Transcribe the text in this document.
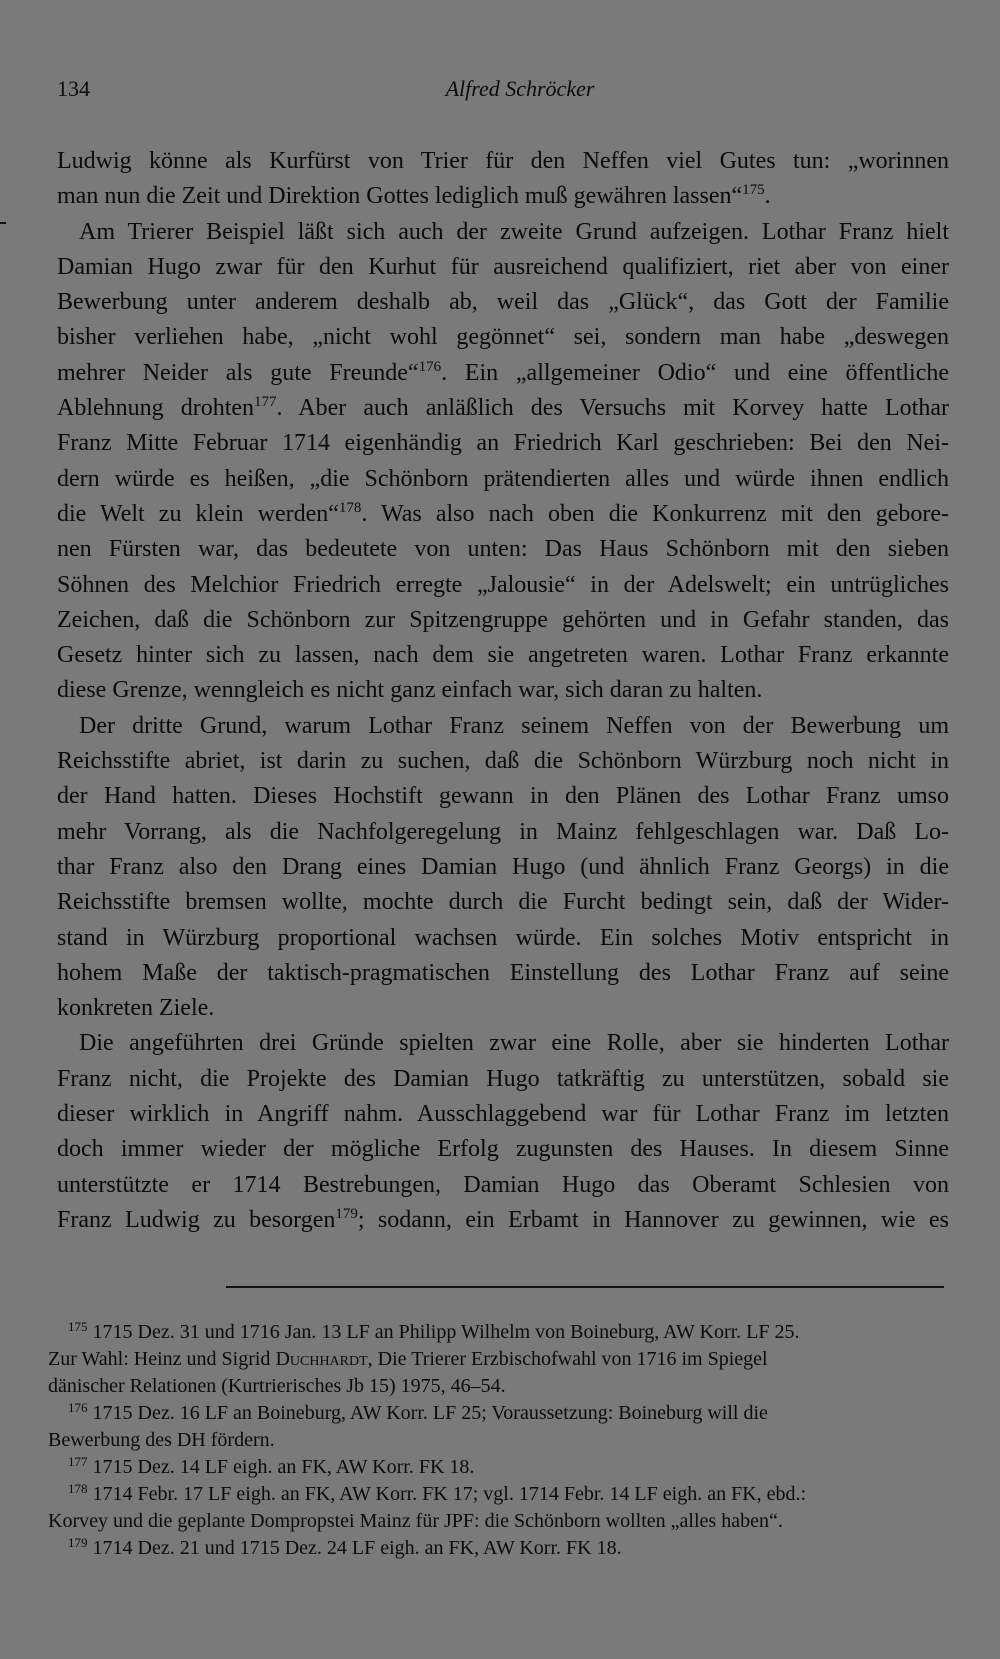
134	Alfred Schröcker
Ludwig könne als Kurfürst von Trier für den Neffen viel Gutes tun: „worinnen
man nun die Zeit und Direktion Gottes lediglich muß gewähren lassen“$^{175}$.
Am Trierer Beispiel läßt sich auch der zweite Grund aufzeigen. Lothar Franz hielt
Damian Hugo zwar für den Kurhut für ausreichend qualifiziert, riet aber von einer
Bewerbung unter anderem deshalb ab, weil das „Glück“, das Gott der Familie
bisher verliehen habe, „nicht wohl gegönnet“ sei, sondern man habe „deswegen
mehrer Neider als gute Freunde“$^{176}$. Ein „allgemeiner Odio“ und eine öffentliche
Ablehnung drohten$^{177}$. Aber auch anläßlich des Versuchs mit Korvey hatte Lothar
Franz Mitte Februar 1714 eigenhändig an Friedrich Karl geschrieben: Bei den Nei-
dern würde es heißen, „die Schönborn prätendierten alles und würde ihnen endlich
die Welt zu klein werden“$^{178}$. Was also nach oben die Konkurrenz mit den gebore-
nen Fürsten war, das bedeutete von unten: Das Haus Schönborn mit den sieben
Söhnen des Melchior Friedrich erregte „Jalousie“ in der Adelswelt; ein untrügliches
Zeichen, daß die Schönborn zur Spitzengruppe gehörten und in Gefahr standen, das
Gesetz hinter sich zu lassen, nach dem sie angetreten waren. Lothar Franz erkannte
diese Grenze, wenngleich es nicht ganz einfach war, sich daran zu halten.
Der dritte Grund, warum Lothar Franz seinem Neffen von der Bewerbung um
Reichsstifte abriet, ist darin zu suchen, daß die Schönborn Würzburg noch nicht in
der Hand hatten. Dieses Hochstift gewann in den Plänen des Lothar Franz umso
mehr Vorrang, als die Nachfolgeregelung in Mainz fehlgeschlagen war. Daß Lo-
thar Franz also den Drang eines Damian Hugo (und ähnlich Franz Georgs) in die
Reichsstifte bremsen wollte, mochte durch die Furcht bedingt sein, daß der Wider-
stand in Würzburg proportional wachsen würde. Ein solches Motiv entspricht in
hohem Maße der taktisch-pragmatischen Einstellung des Lothar Franz auf seine
konkreten Ziele.
Die angeführten drei Gründe spielten zwar eine Rolle, aber sie hinderten Lothar
Franz nicht, die Projekte des Damian Hugo tatkräftig zu unterstützen, sobald sie
dieser wirklich in Angriff nahm. Ausschlaggebend war für Lothar Franz im letzten
doch immer wieder der mögliche Erfolg zugunsten des Hauses. In diesem Sinne
unterstützte er 1714 Bestrebungen, Damian Hugo das Oberamt Schlesien von
Franz Ludwig zu besorgen$^{179}$; sodann, ein Erbamt in Hannover zu gewinnen, wie es
$^{175}$ 1715 Dez. 31 und 1716 Jan. 13 LF an Philipp Wilhelm von Boineburg, AW Korr. LF 25.
Zur Wahl: Heinz und Sigrid Duchhardt, Die Trierer Erzbischofwahl von 1716 im Spiegel
dänischer Relationen (Kurtrierisches Jb 15) 1975, 46–54.
$^{176}$ 1715 Dez. 16 LF an Boineburg, AW Korr. LF 25; Voraussetzung: Boineburg will die
Bewerbung des DH fördern.
$^{177}$ 1715 Dez. 14 LF eigh. an FK, AW Korr. FK 18.
$^{178}$ 1714 Febr. 17 LF eigh. an FK, AW Korr. FK 17; vgl. 1714 Febr. 14 LF eigh. an FK, ebd.:
Korvey und die geplante Dompropstei Mainz für JPF: die Schönborn wollten „alles haben“.
$^{179}$ 1714 Dez. 21 und 1715 Dez. 24 LF eigh. an FK, AW Korr. FK 18.
